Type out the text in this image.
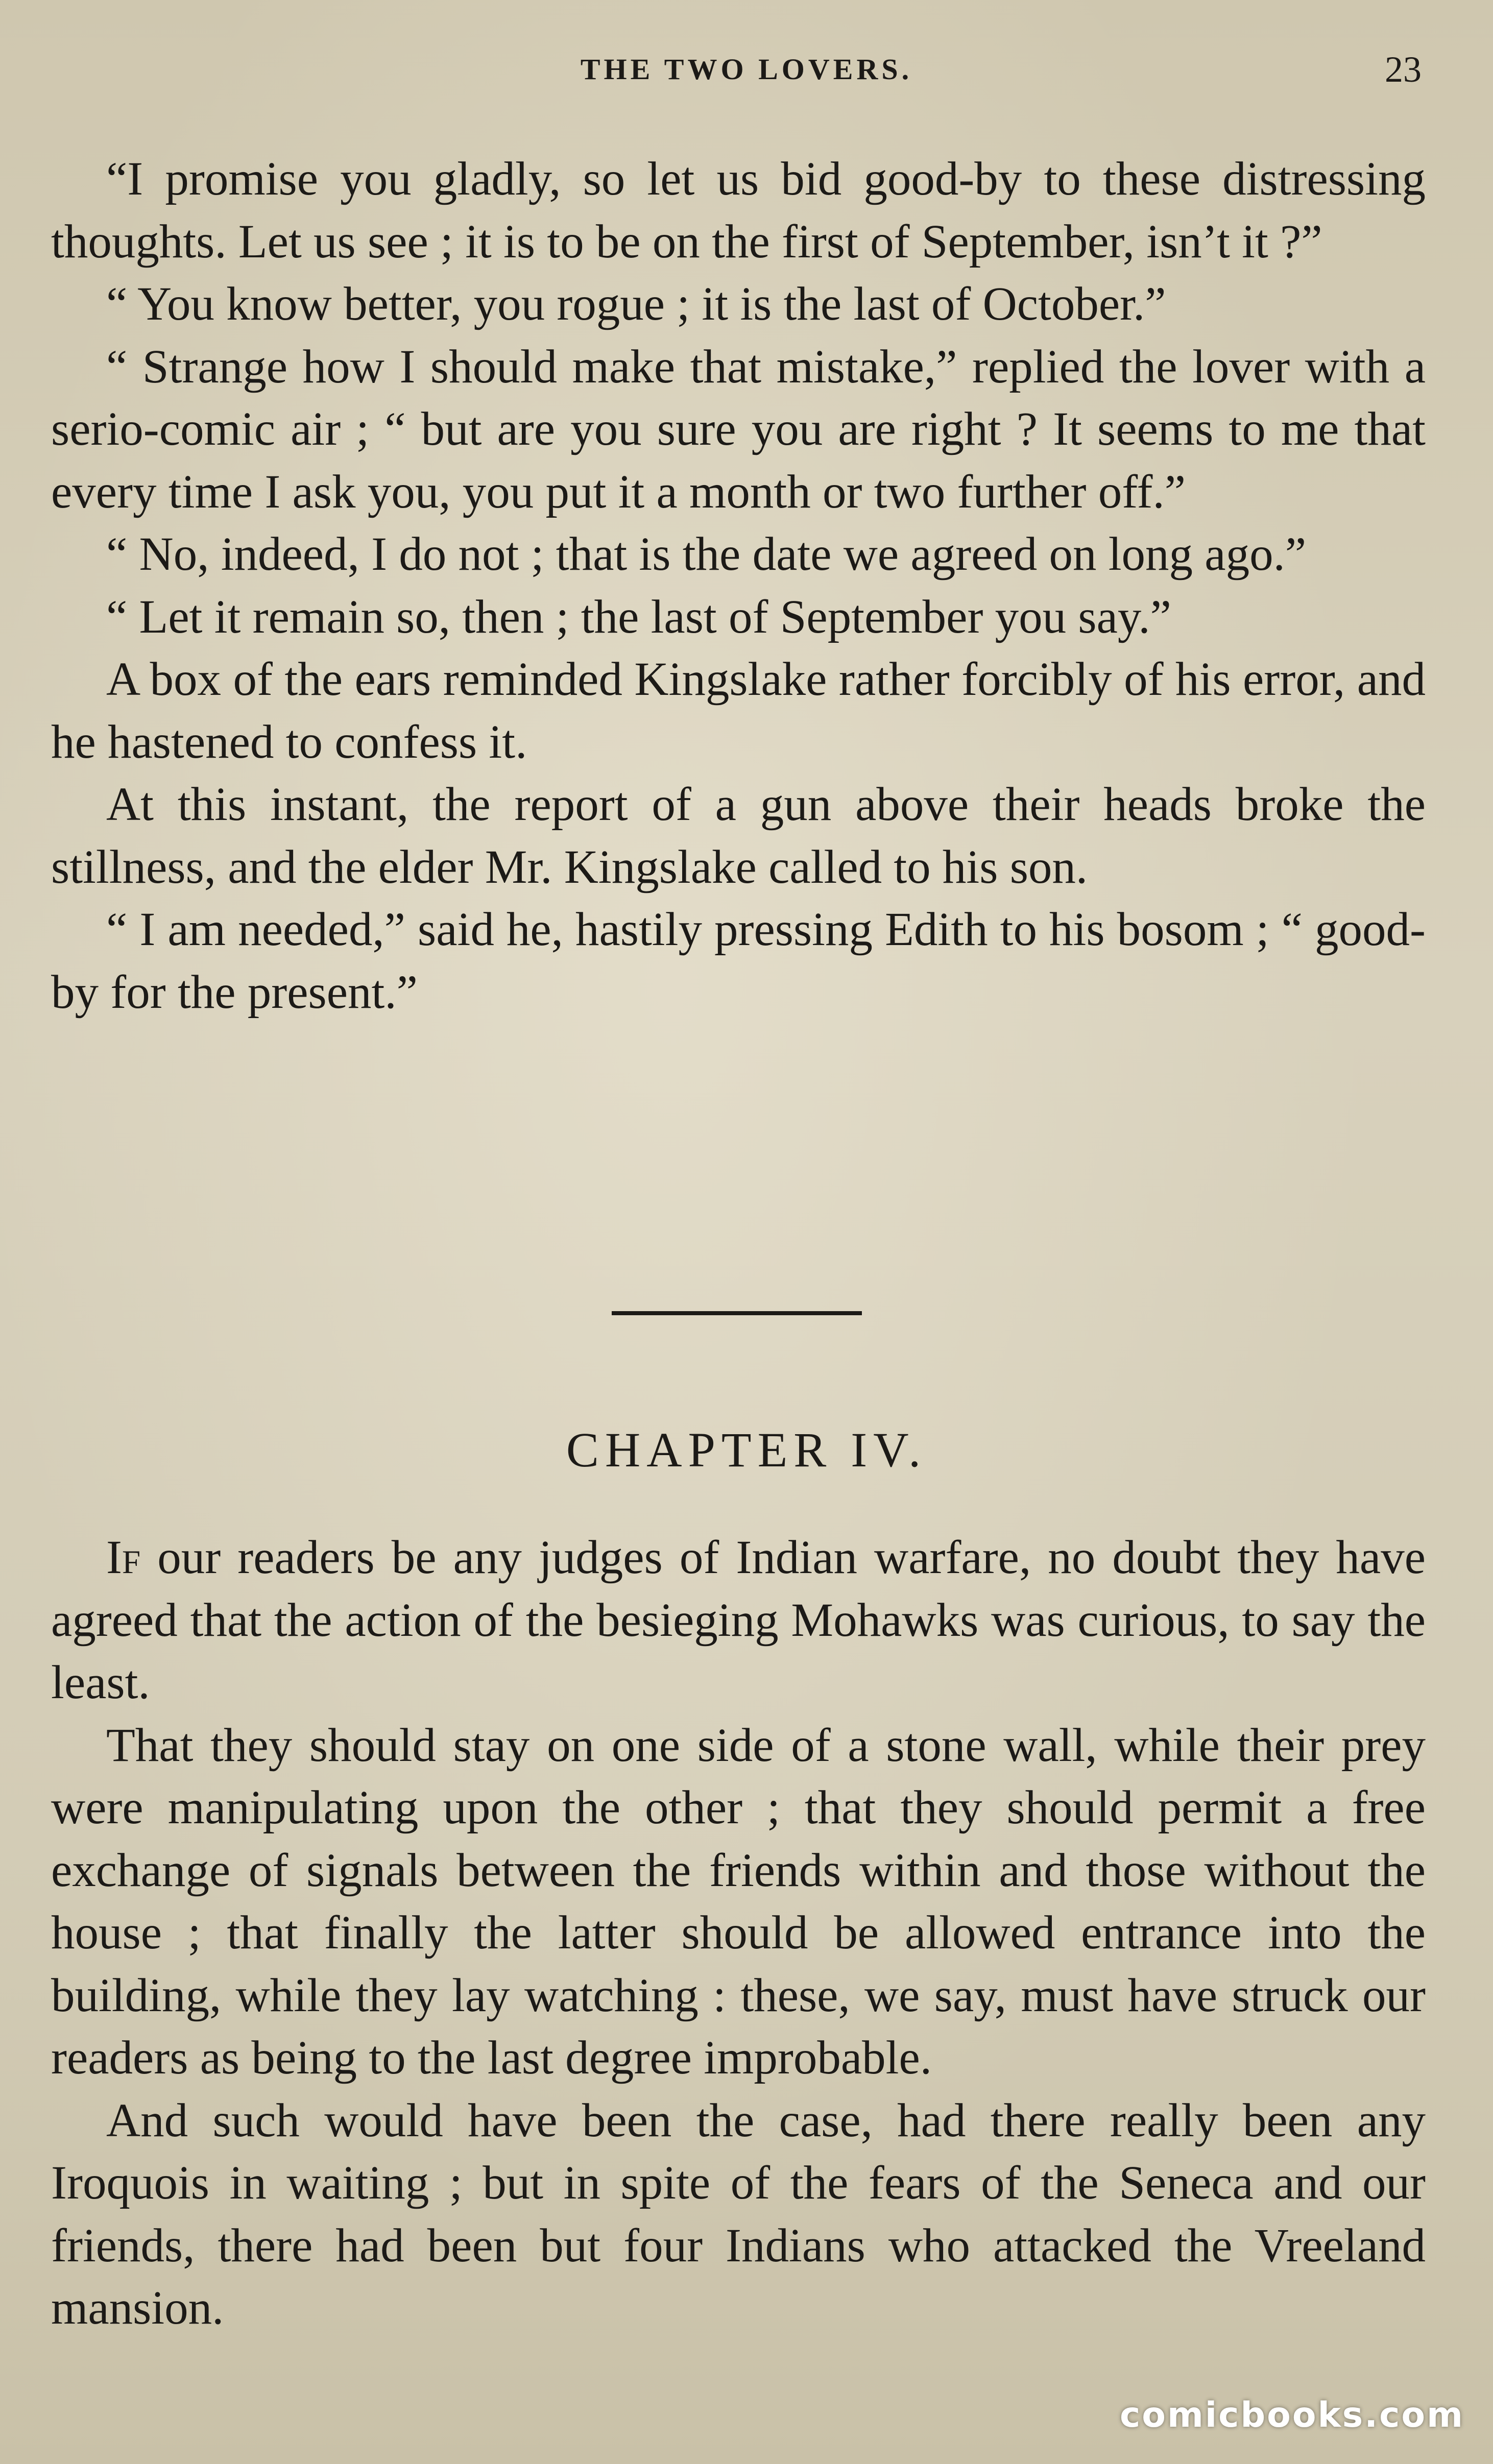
THE TWO LOVERS.	23

“I promise you gladly, so let us bid good-by to these distressing thoughts. Let us see ; it is to be on the first of September, isn’t it ?”

“ You know better, you rogue ; it is the last of October.”

“ Strange how I should make that mistake,” replied the lover with a serio-comic air ; “ but are you sure you are right ? It seems to me that every time I ask you, you put it a month or two further off.”

“ No, indeed, I do not ; that is the date we agreed on long ago.”

“ Let it remain so, then ; the last of September you say.”

A box of the ears reminded Kingslake rather forcibly of his error, and he hastened to confess it.

At this instant, the report of a gun above their heads broke the stillness, and the elder Mr. Kingslake called to his son.

“ I am needed,” said he, hastily pressing Edith to his bosom ; “ good-by for the present.”

CHAPTER IV.

If our readers be any judges of Indian warfare, no doubt they have agreed that the action of the besieging Mohawks was curious, to say the least.

That they should stay on one side of a stone wall, while their prey were manipulating upon the other ; that they should permit a free exchange of signals between the friends within and those without the house ; that finally the latter should be allowed entrance into the building, while they lay watching : these, we say, must have struck our readers as being to the last degree improbable.

And such would have been the case, had there really been any Iroquois in waiting ; but in spite of the fears of the Seneca and our friends, there had been but four Indians who attacked the Vreeland mansion.

comicbooks.com
